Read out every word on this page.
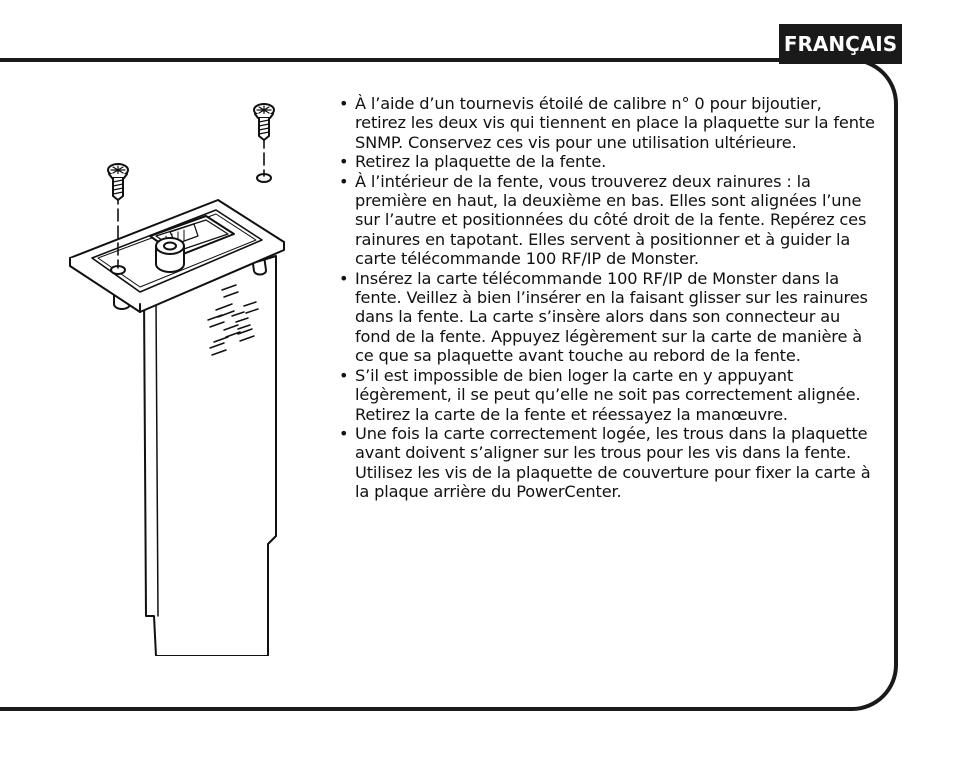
FRANÇAIS
• À l’aide d’un tournevis étoilé de calibre n° 0 pour bijoutier, retirez les deux vis qui tiennent en place la plaquette sur la fente SNMP. Conservez ces vis pour une utilisation ultérieure.
• Retirez la plaquette de la fente.
• À l’intérieur de la fente, vous trouverez deux rainures : la première en haut, la deuxième en bas. Elles sont alignées l’une sur l’autre et positionnées du côté droit de la fente. Repérez ces rainures en tapotant. Elles servent à positionner et à guider la carte télécommande 100 RF/IP de Monster.
• Insérez la carte télécommande 100 RF/IP de Monster dans la fente. Veillez à bien l’insérer en la faisant glisser sur les rainures dans la fente. La carte s’insère alors dans son connecteur au fond de la fente. Appuyez légèrement sur la carte de manière à ce que sa plaquette avant touche au rebord de la fente.
• S’il est impossible de bien loger la carte en y appuyant légèrement, il se peut qu’elle ne soit pas correctement alignée. Retirez la carte de la fente et réessayez la manœuvre.
• Une fois la carte correctement logée, les trous dans la plaquette avant doivent s’aligner sur les trous pour les vis dans la fente. Utilisez les vis de la plaquette de couverture pour fixer la carte à la plaque arrière du PowerCenter.
